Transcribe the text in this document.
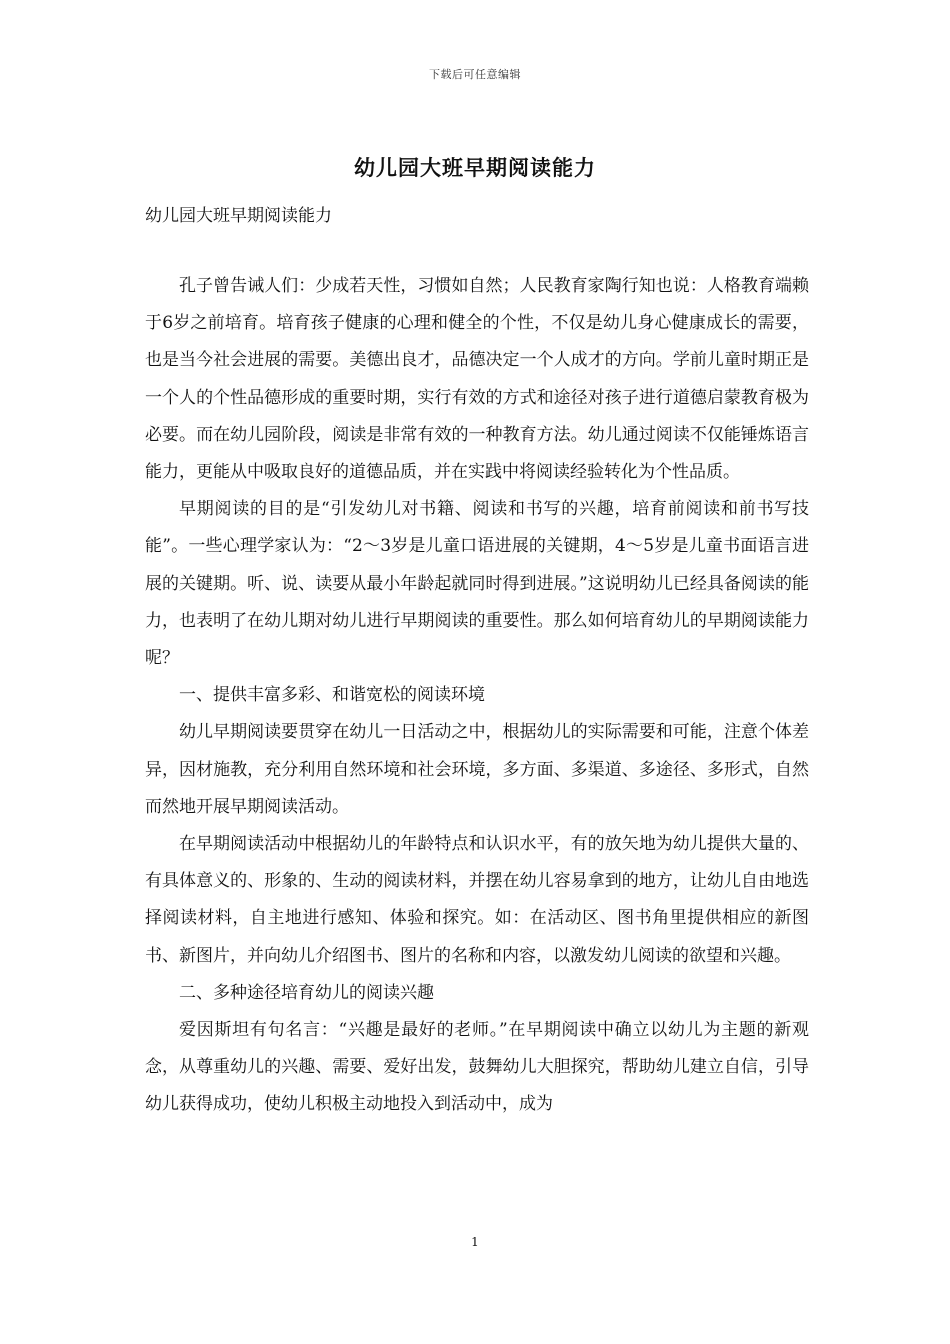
下载后可任意编辑
幼儿园大班早期阅读能力
幼儿园大班早期阅读能力

孔子曾告诫人们：少成若天性，习惯如自然；人民教育家陶行知也说：人格教育端赖于6岁之前培育。培育孩子健康的心理和健全的个性，不仅是幼儿身心健康成长的需要，也是当今社会进展的需要。美德出良才，品德决定一个人成才的方向。学前儿童时期正是一个人的个性品德形成的重要时期，实行有效的方式和途径对孩子进行道德启蒙教育极为必要。而在幼儿园阶段，阅读是非常有效的一种教育方法。幼儿通过阅读不仅能锤炼语言能力，更能从中吸取良好的道德品质，并在实践中将阅读经验转化为个性品质。

早期阅读的目的是“引发幼儿对书籍、阅读和书写的兴趣，培育前阅读和前书写技能”。一些心理学家认为：“2～3岁是儿童口语进展的关键期，4～5岁是儿童书面语言进展的关键期。听、说、读要从最小年龄起就同时得到进展。”这说明幼儿已经具备阅读的能力，也表明了在幼儿期对幼儿进行早期阅读的重要性。那么如何培育幼儿的早期阅读能力呢？

一、提供丰富多彩、和谐宽松的阅读环境

幼儿早期阅读要贯穿在幼儿一日活动之中，根据幼儿的实际需要和可能，注意个体差异，因材施教，充分利用自然环境和社会环境，多方面、多渠道、多途径、多形式，自然而然地开展早期阅读活动。

在早期阅读活动中根据幼儿的年龄特点和认识水平，有的放矢地为幼儿提供大量的、有具体意义的、形象的、生动的阅读材料，并摆在幼儿容易拿到的地方，让幼儿自由地选择阅读材料，自主地进行感知、体验和探究。如：在活动区、图书角里提供相应的新图书、新图片，并向幼儿介绍图书、图片的名称和内容，以激发幼儿阅读的欲望和兴趣。

二、多种途径培育幼儿的阅读兴趣

爱因斯坦有句名言：“兴趣是最好的老师。”在早期阅读中确立以幼儿为主题的新观念，从尊重幼儿的兴趣、需要、爱好出发，鼓舞幼儿大胆探究，帮助幼儿建立自信，引导幼儿获得成功，使幼儿积极主动地投入到活动中，成为

1
